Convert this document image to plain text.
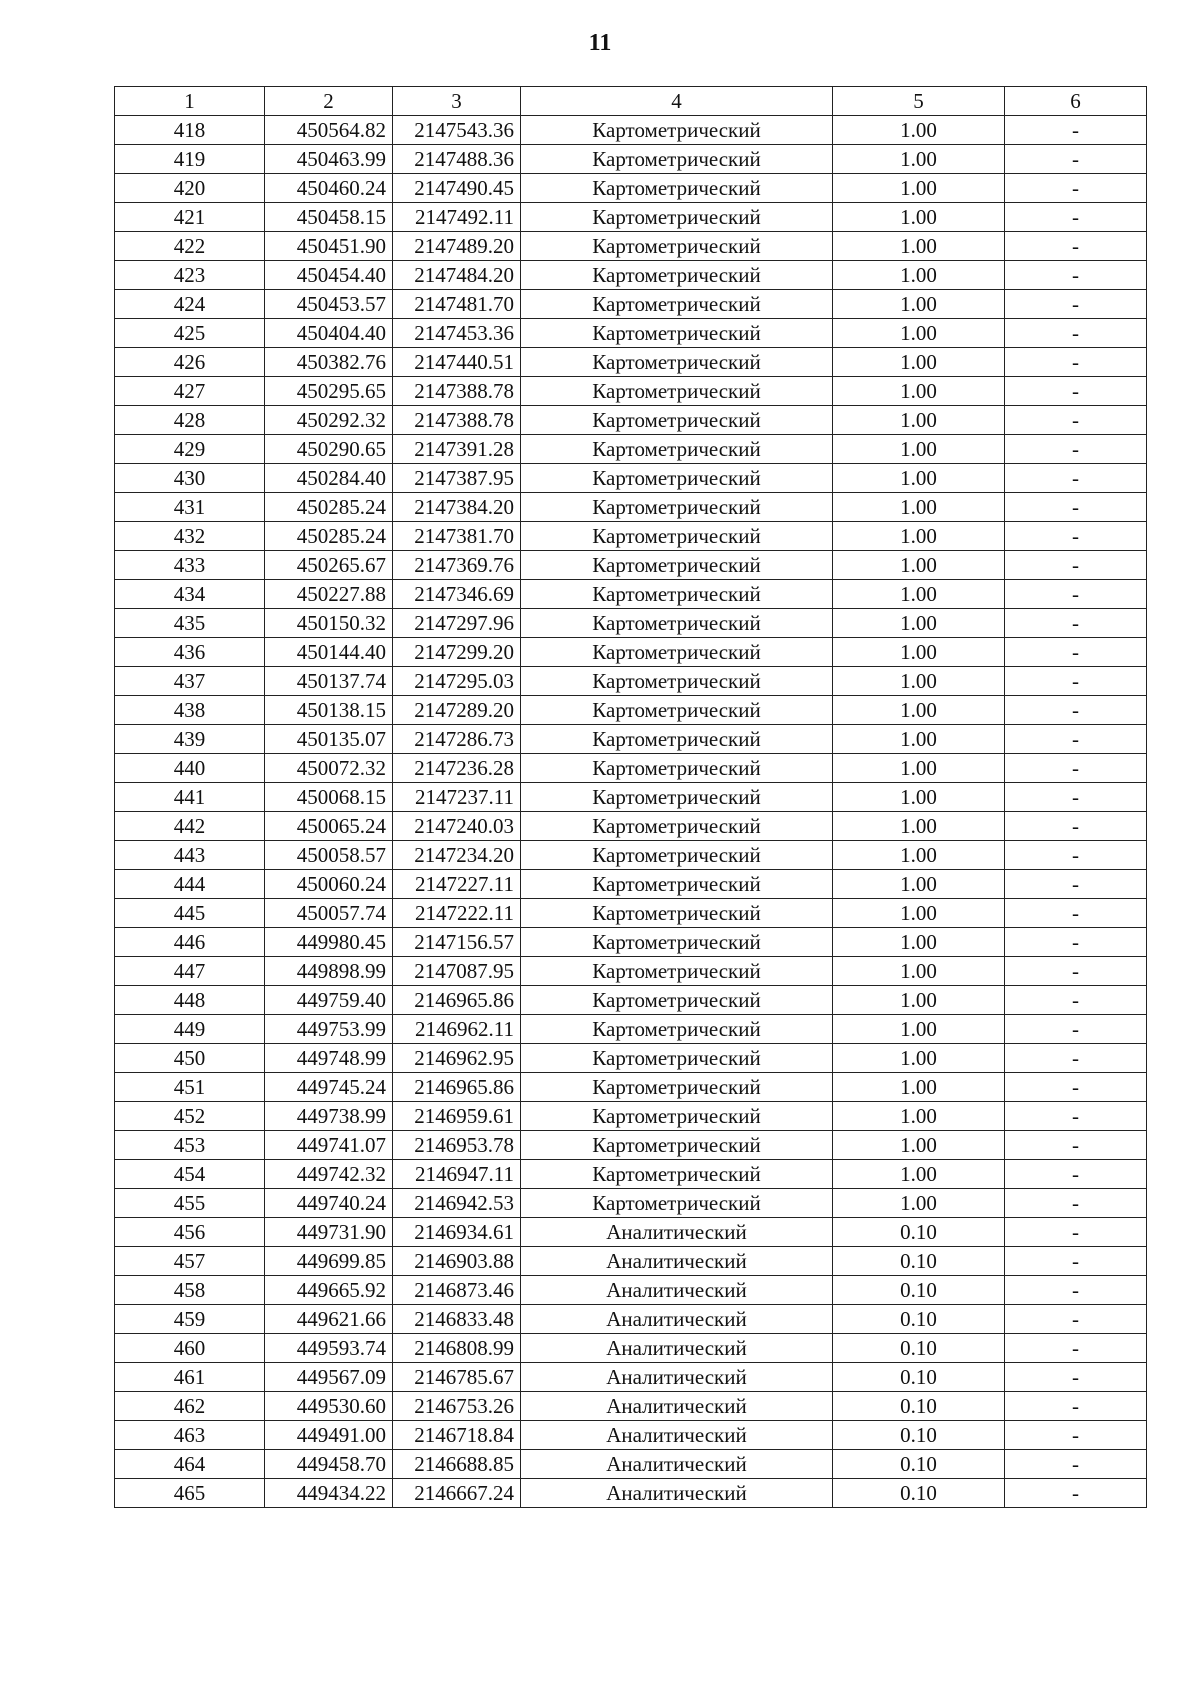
11
1	2	3	4	5	6
418	450564.82	2147543.36	Картометрический	1.00	-
419	450463.99	2147488.36	Картометрический	1.00	-
420	450460.24	2147490.45	Картометрический	1.00	-
421	450458.15	2147492.11	Картометрический	1.00	-
422	450451.90	2147489.20	Картометрический	1.00	-
423	450454.40	2147484.20	Картометрический	1.00	-
424	450453.57	2147481.70	Картометрический	1.00	-
425	450404.40	2147453.36	Картометрический	1.00	-
426	450382.76	2147440.51	Картометрический	1.00	-
427	450295.65	2147388.78	Картометрический	1.00	-
428	450292.32	2147388.78	Картометрический	1.00	-
429	450290.65	2147391.28	Картометрический	1.00	-
430	450284.40	2147387.95	Картометрический	1.00	-
431	450285.24	2147384.20	Картометрический	1.00	-
432	450285.24	2147381.70	Картометрический	1.00	-
433	450265.67	2147369.76	Картометрический	1.00	-
434	450227.88	2147346.69	Картометрический	1.00	-
435	450150.32	2147297.96	Картометрический	1.00	-
436	450144.40	2147299.20	Картометрический	1.00	-
437	450137.74	2147295.03	Картометрический	1.00	-
438	450138.15	2147289.20	Картометрический	1.00	-
439	450135.07	2147286.73	Картометрический	1.00	-
440	450072.32	2147236.28	Картометрический	1.00	-
441	450068.15	2147237.11	Картометрический	1.00	-
442	450065.24	2147240.03	Картометрический	1.00	-
443	450058.57	2147234.20	Картометрический	1.00	-
444	450060.24	2147227.11	Картометрический	1.00	-
445	450057.74	2147222.11	Картометрический	1.00	-
446	449980.45	2147156.57	Картометрический	1.00	-
447	449898.99	2147087.95	Картометрический	1.00	-
448	449759.40	2146965.86	Картометрический	1.00	-
449	449753.99	2146962.11	Картометрический	1.00	-
450	449748.99	2146962.95	Картометрический	1.00	-
451	449745.24	2146965.86	Картометрический	1.00	-
452	449738.99	2146959.61	Картометрический	1.00	-
453	449741.07	2146953.78	Картометрический	1.00	-
454	449742.32	2146947.11	Картометрический	1.00	-
455	449740.24	2146942.53	Картометрический	1.00	-
456	449731.90	2146934.61	Аналитический	0.10	-
457	449699.85	2146903.88	Аналитический	0.10	-
458	449665.92	2146873.46	Аналитический	0.10	-
459	449621.66	2146833.48	Аналитический	0.10	-
460	449593.74	2146808.99	Аналитический	0.10	-
461	449567.09	2146785.67	Аналитический	0.10	-
462	449530.60	2146753.26	Аналитический	0.10	-
463	449491.00	2146718.84	Аналитический	0.10	-
464	449458.70	2146688.85	Аналитический	0.10	-
465	449434.22	2146667.24	Аналитический	0.10	-
